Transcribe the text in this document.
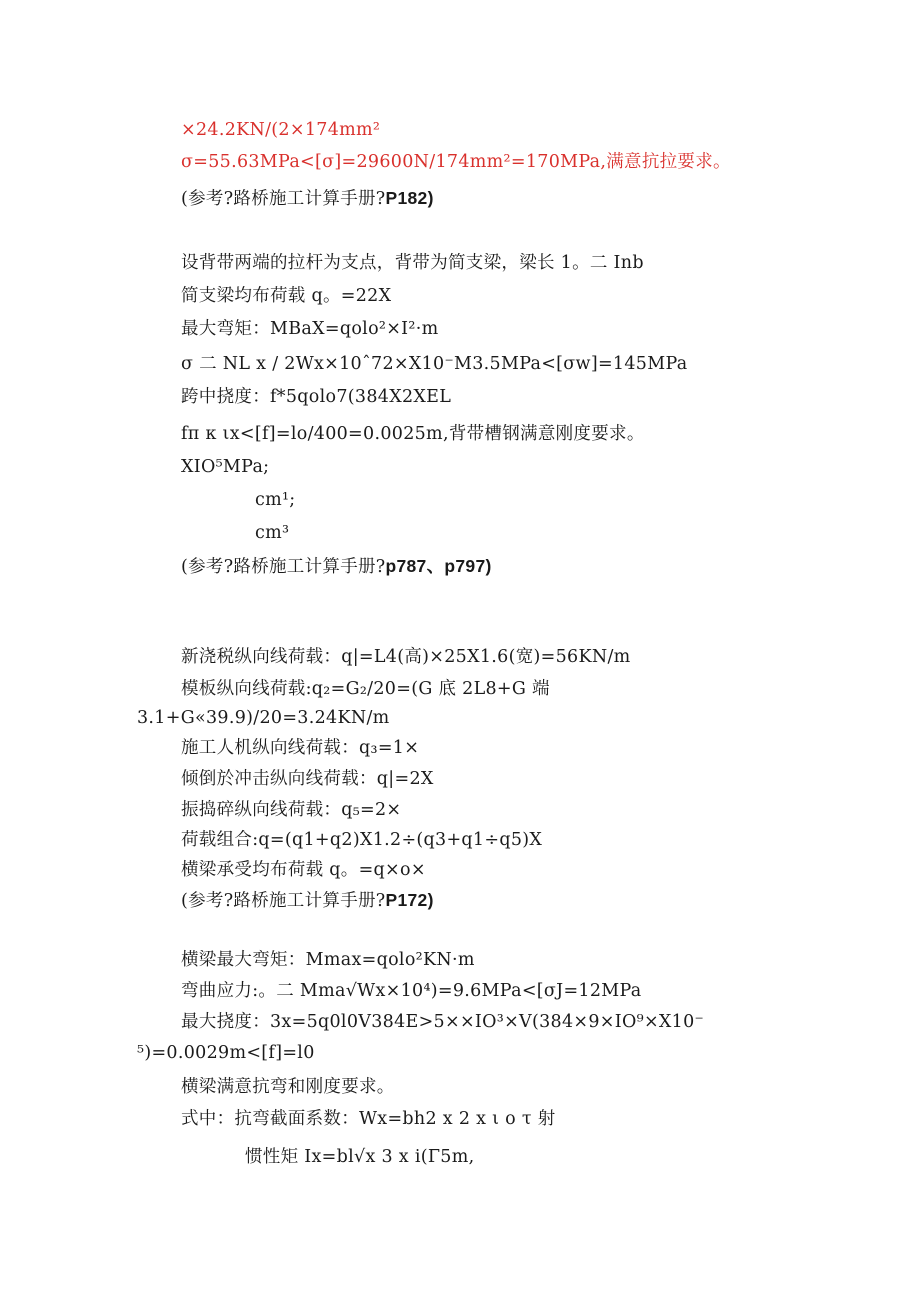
×24.2KN/(2×174mm²
σ=55.63MPa<[σ]=29600N/174mm²=170MPa,满意抗拉要求。
(参考?路桥施工计算手册?P182)
设背带两端的拉杆为支点，背带为简支梁，梁长 1。二 Inb
简支梁均布荷载 q。=22X
最大弯矩：MBaX=qolo²×I²·m
σ 二 NL x / 2Wx×10ˆ72×X10⁻M3.5MPa<[σw]=145MPa
跨中挠度：f*5qolo7(384X2XEL
fπ κ ιx<[f]=lo/400=0.0025m,背带槽钢满意刚度要求。
XIO⁵MPa;
cm¹;
cm³
(参考?路桥施工计算手册?p787、p797)
新浇税纵向线荷载：q|=L4(高)×25X1.6(宽)=56KN/m
模板纵向线荷载:q₂=G₂/20=(G 底 2L8+G 端
3.1+G«39.9)/20=3.24KN/m
施工人机纵向线荷载：q₃=1×
倾倒於冲击纵向线荷载：q|=2X
振捣碎纵向线荷载：q₅=2×
荷载组合:q=(q1+q2)X1.2÷(q3+q1÷q5)X
横梁承受均布荷载 q。=q×o×
(参考?路桥施工计算手册?P172)
横梁最大弯矩：Mmax=qolo²KN·m
弯曲应力:。二 Mma√Wx×10⁴)=9.6MPa<[σJ=12MPa
最大挠度：3x=5q0l0V384E>5××IO³×V(384×9×IO⁹×X10⁻
⁵)=0.0029m<[f]=l0
横梁满意抗弯和刚度要求。
式中：抗弯截面系数：Wx=bh2 x 2 x ι o τ 射
惯性矩 Ix=bl√x 3 x i(Γ5m,
